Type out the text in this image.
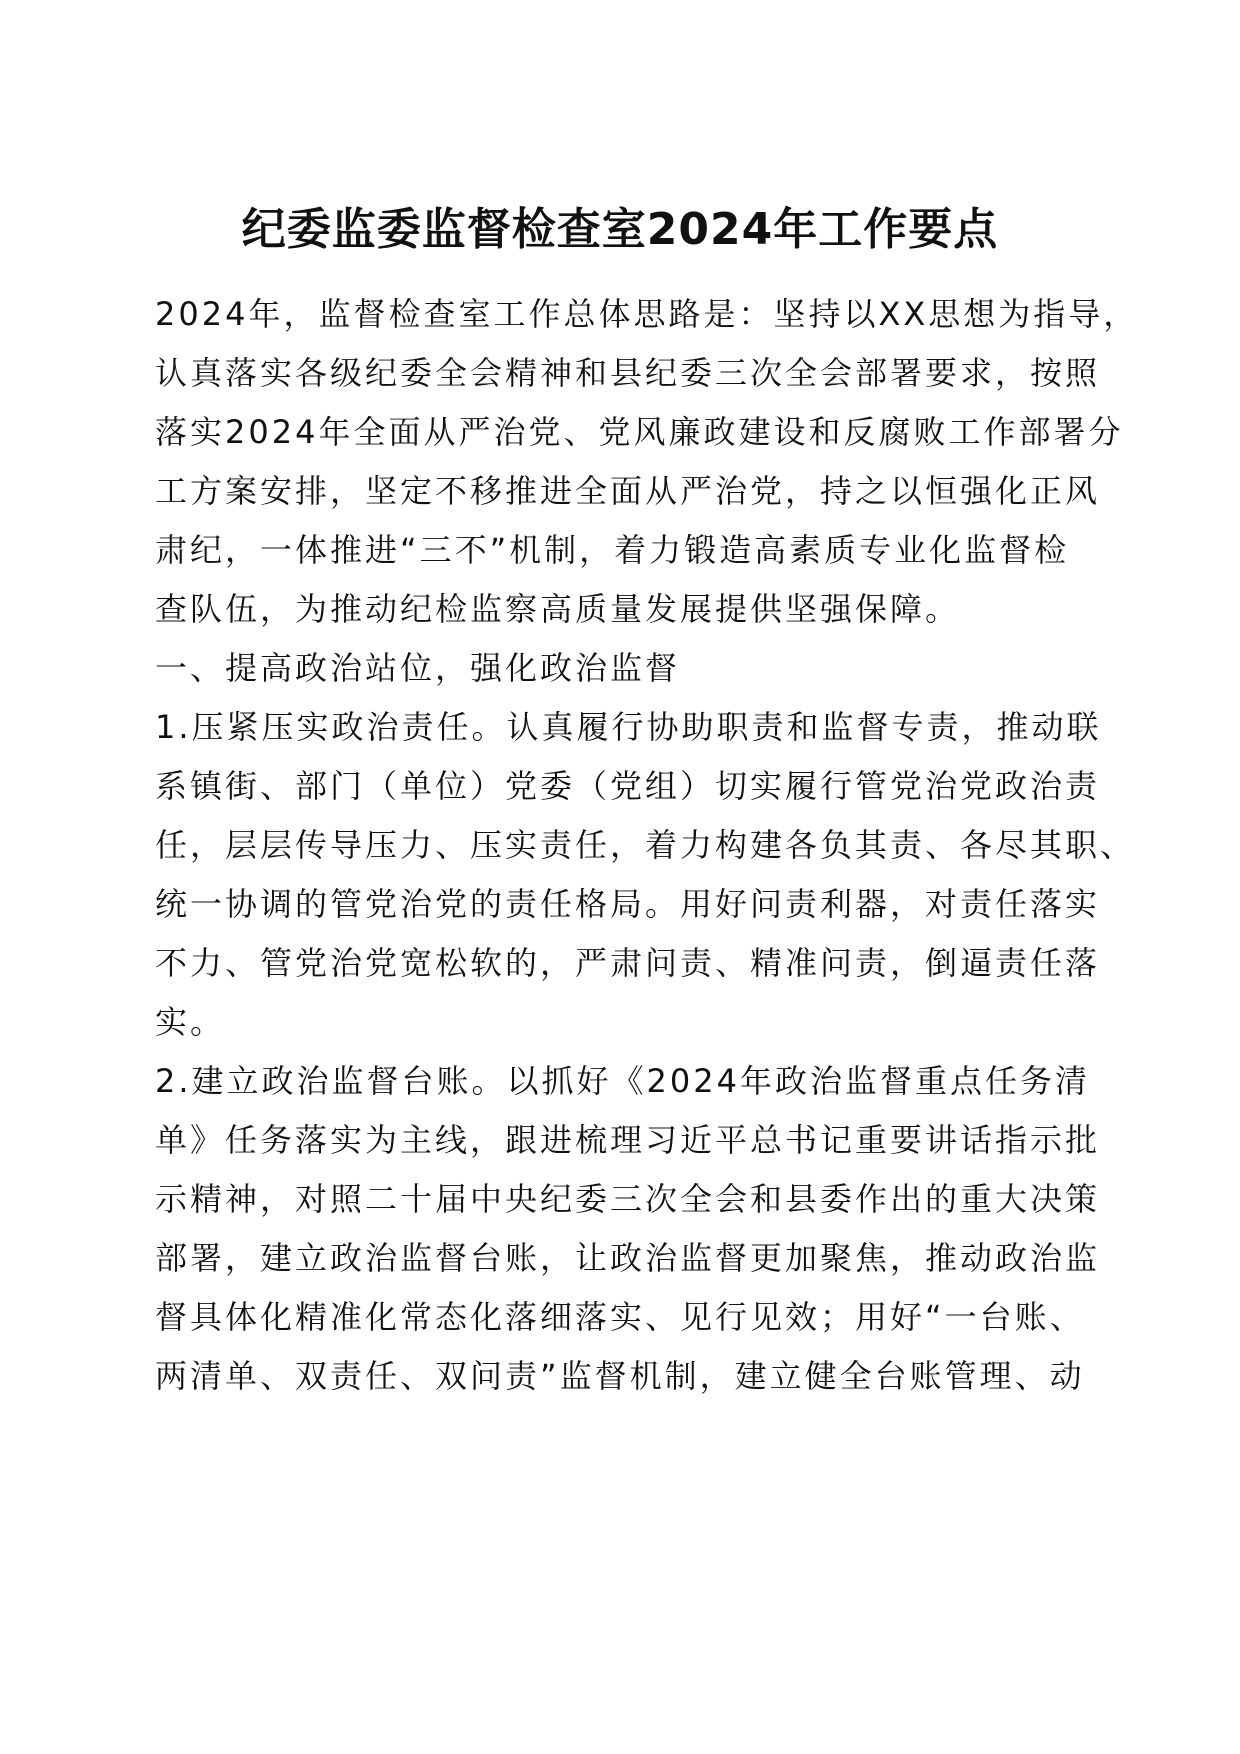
纪委监委监督检查室2024年工作要点

2024年，监督检查室工作总体思路是：坚持以XX思想为指导，

认真落实各级纪委全会精神和县纪委三次全会部署要求，按照

落实2024年全面从严治党、党风廉政建设和反腐败工作部署分

工方案安排，坚定不移推进全面从严治党，持之以恒强化正风

肃纪，一体推进“三不”机制，着力锻造高素质专业化监督检

查队伍，为推动纪检监察高质量发展提供坚强保障。

一、提高政治站位，强化政治监督

1.压紧压实政治责任。认真履行协助职责和监督专责，推动联

系镇街、部门（单位）党委（党组）切实履行管党治党政治责

任，层层传导压力、压实责任，着力构建各负其责、各尽其职、

统一协调的管党治党的责任格局。用好问责利器，对责任落实

不力、管党治党宽松软的，严肃问责、精准问责，倒逼责任落

实。

2.建立政治监督台账。以抓好《2024年政治监督重点任务清

单》任务落实为主线，跟进梳理习近平总书记重要讲话指示批

示精神，对照二十届中央纪委三次全会和县委作出的重大决策

部署，建立政治监督台账，让政治监督更加聚焦，推动政治监

督具体化精准化常态化落细落实、见行见效；用好“一台账、

两清单、双责任、双问责”监督机制，建立健全台账管理、动
